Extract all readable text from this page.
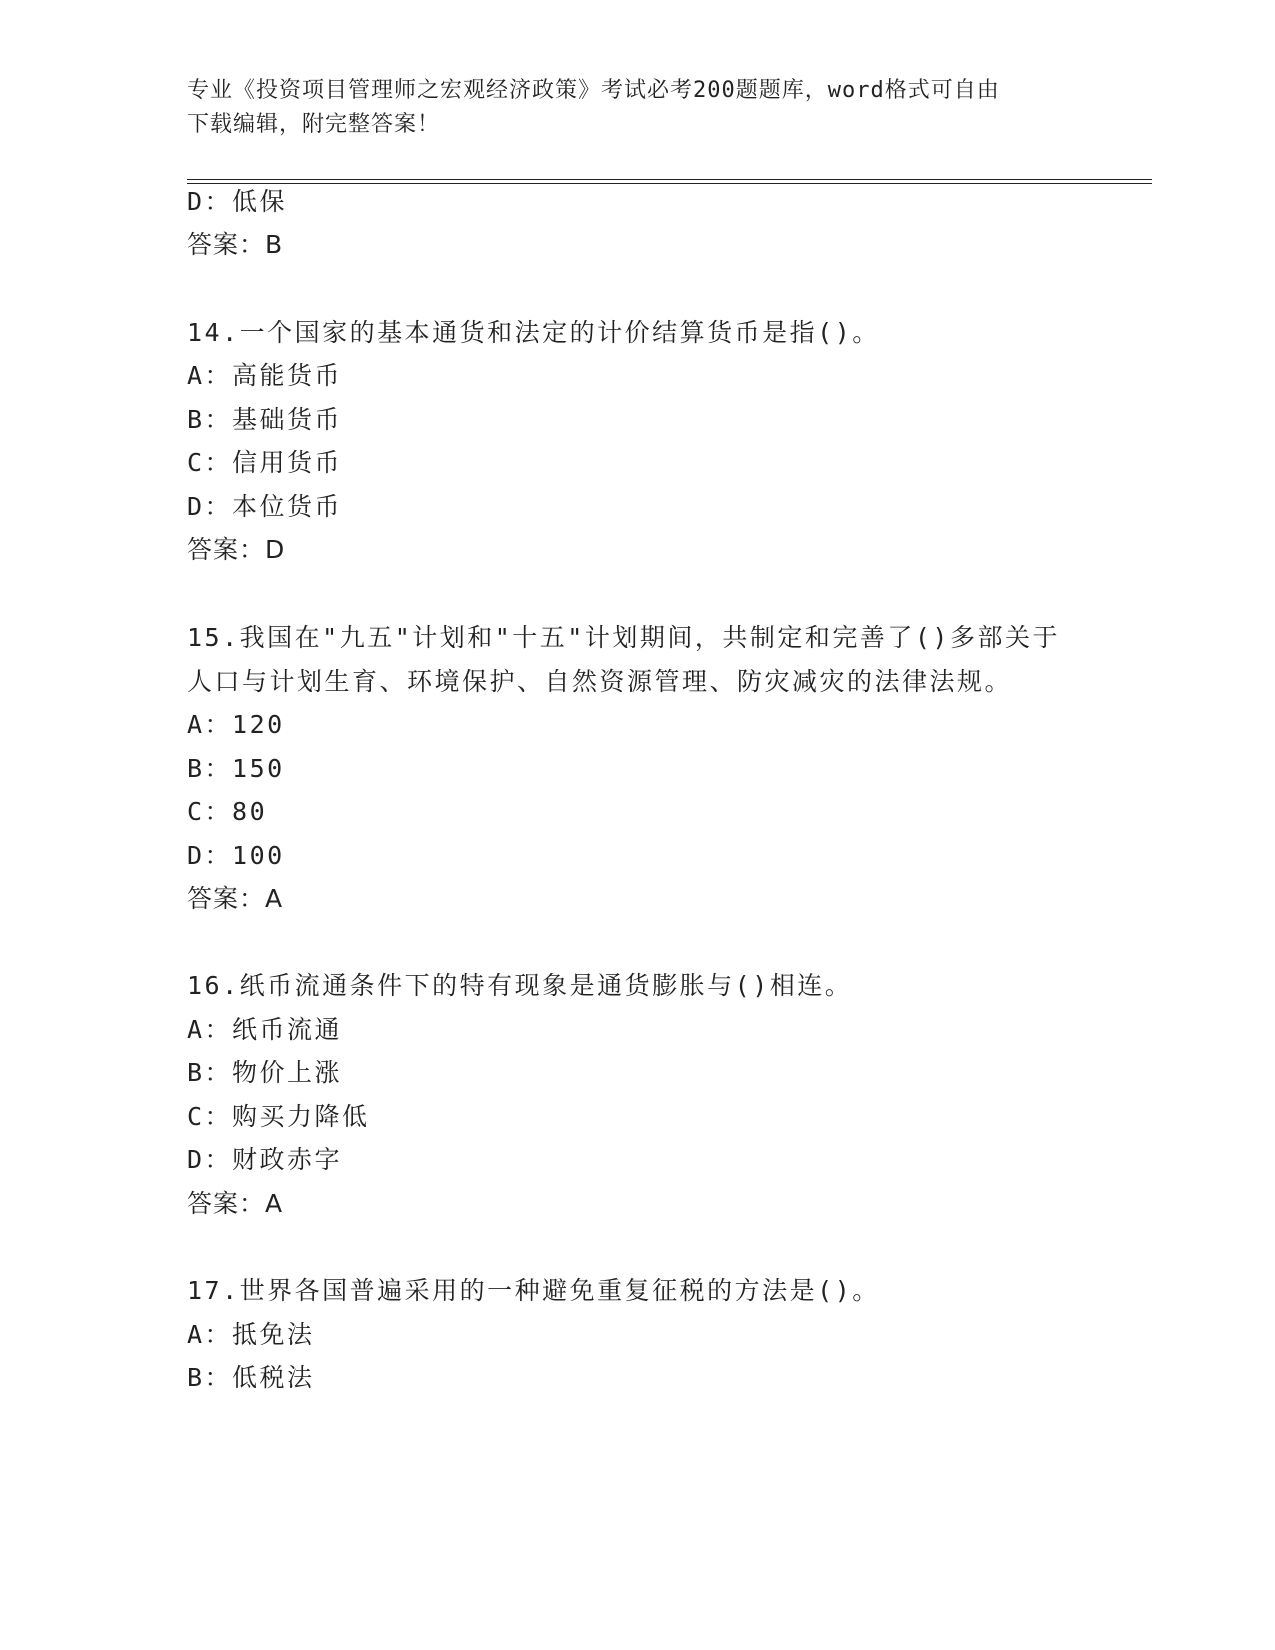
专业《投资项目管理师之宏观经济政策》考试必考200题题库，word格式可自由
下载编辑，附完整答案！
D：低保
答案：B
14.一个国家的基本通货和法定的计价结算货币是指()。
A：高能货币
B：基础货币
C：信用货币
D：本位货币
答案：D
15.我国在"九五"计划和"十五"计划期间，共制定和完善了()多部关于
人口与计划生育、环境保护、自然资源管理、防灾减灾的法律法规。
A：120
B：150
C：80
D：100
答案：A
16.纸币流通条件下的特有现象是通货膨胀与()相连。
A：纸币流通
B：物价上涨
C：购买力降低
D：财政赤字
答案：A
17.世界各国普遍采用的一种避免重复征税的方法是()。
A：抵免法
B：低税法
